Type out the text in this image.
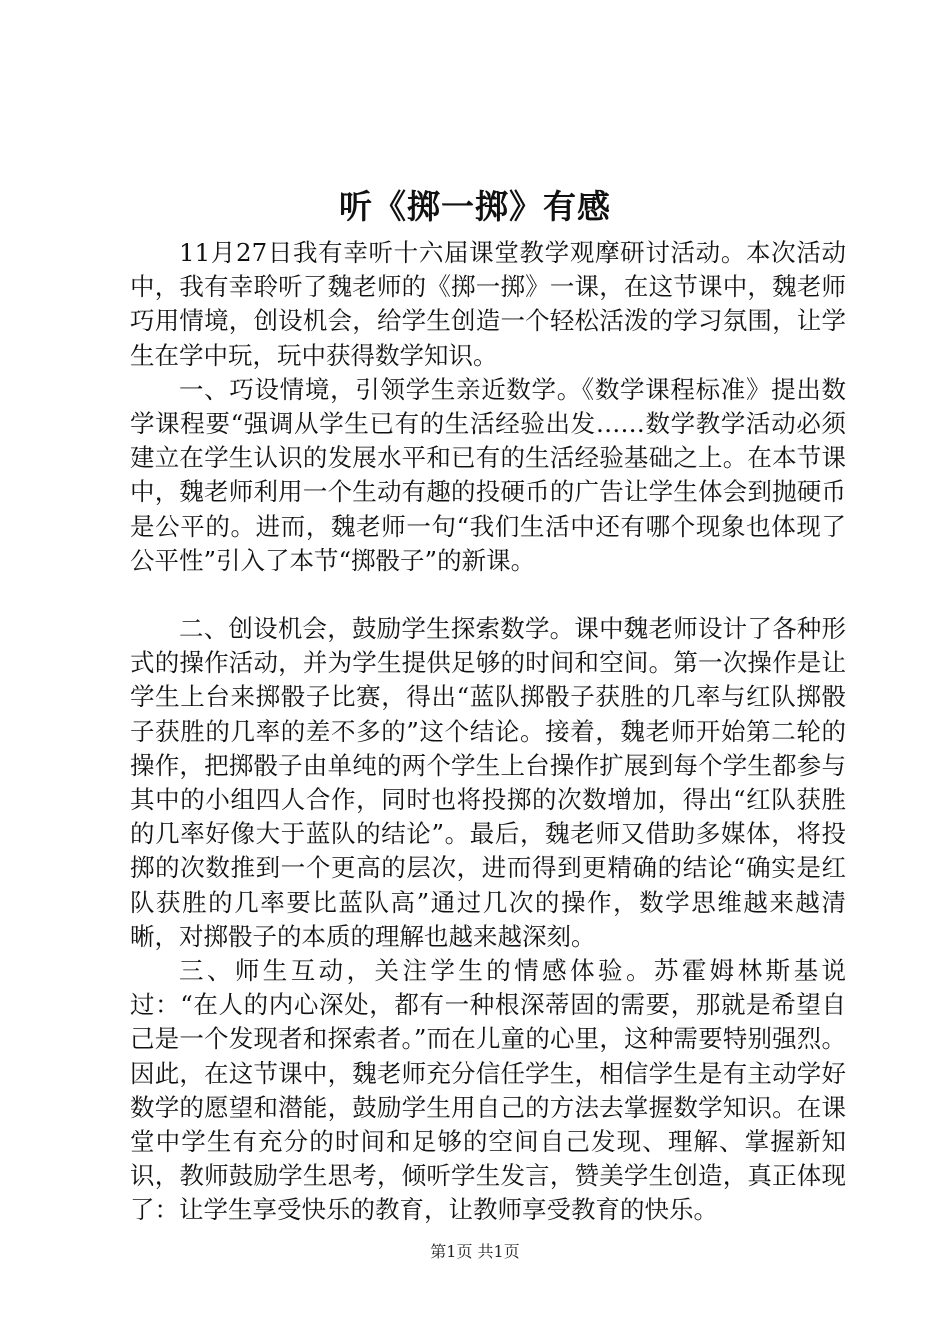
听《掷一掷》有感

11月27日我有幸听十六届课堂教学观摩研讨活动。本次活动中，我有幸聆听了魏老师的《掷一掷》一课，在这节课中，魏老师巧用情境，创设机会，给学生创造一个轻松活泼的学习氛围，让学生在学中玩，玩中获得数学知识。

一、巧设情境，引领学生亲近数学。《数学课程标准》提出数学课程要“强调从学生已有的生活经验出发……数学教学活动必须建立在学生认识的发展水平和已有的生活经验基础之上。在本节课中，魏老师利用一个生动有趣的投硬币的广告让学生体会到抛硬币是公平的。进而，魏老师一句“我们生活中还有哪个现象也体现了公平性”引入了本节“掷骰子”的新课。

二、创设机会，鼓励学生探索数学。课中魏老师设计了各种形式的操作活动，并为学生提供足够的时间和空间。第一次操作是让学生上台来掷骰子比赛，得出“蓝队掷骰子获胜的几率与红队掷骰子获胜的几率的差不多的”这个结论。接着，魏老师开始第二轮的操作，把掷骰子由单纯的两个学生上台操作扩展到每个学生都参与其中的小组四人合作，同时也将投掷的次数增加，得出“红队获胜的几率好像大于蓝队的结论”。最后，魏老师又借助多媒体，将投掷的次数推到一个更高的层次，进而得到更精确的结论“确实是红队获胜的几率要比蓝队高”通过几次的操作，数学思维越来越清晰，对掷骰子的本质的理解也越来越深刻。

三、师生互动，关注学生的情感体验。苏霍姆林斯基说过：“在人的内心深处，都有一种根深蒂固的需要，那就是希望自己是一个发现者和探索者。”而在儿童的心里，这种需要特别强烈。因此，在这节课中，魏老师充分信任学生，相信学生是有主动学好数学的愿望和潜能，鼓励学生用自己的方法去掌握数学知识。在课堂中学生有充分的时间和足够的空间自己发现、理解、掌握新知识，教师鼓励学生思考，倾听学生发言，赞美学生创造，真正体现了：让学生享受快乐的教育，让教师享受教育的快乐。

第1页 共1页
